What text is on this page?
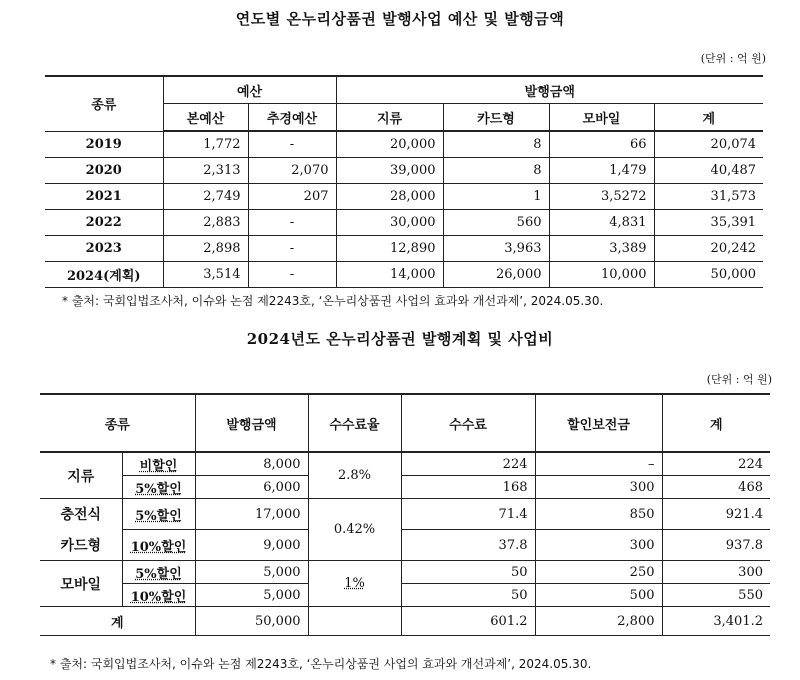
연도별 온누리상품권 발행사업 예산 및 발행금액
(단위 : 억 원)
종류	예산		발행금액			
	본예산	추경예산	지류	카드형	모바일	계
2019	1,772	-	20,000	8	66	20,074
2020	2,313	2,070	39,000	8	1,479	40,487
2021	2,749	207	28,000	1	3,5272	31,573
2022	2,883	-	30,000	560	4,831	35,391
2023	2,898	-	12,890	3,963	3,389	20,242
2024(계획)	3,514	-	14,000	26,000	10,000	50,000
* 출처: 국회입법조사처, 이슈와 논점 제2243호, ‘온누리상품권 사업의 효과와 개선과제’, 2024.05.30.
2024년도 온누리상품권 발행계획 및 사업비
(단위 : 억 원)
종류		발행금액	수수료율	수수료	할인보전금	계
지류	비할인	8,000	2.8%	224	–	224
	5%할인	6,000		168	300	468
충전식	5%할인	17,000	0.42%	71.4	850	921.4
카드형	10%할인	9,000		37.8	300	937.8
모바일	5%할인	5,000	1%	50	250	300
	10%할인	5,000		50	500	550
계		50,000		601.2	2,800	3,401.2
* 출처: 국회입법조사처, 이슈와 논점 제2243호, ‘온누리상품권 사업의 효과와 개선과제’, 2024.05.30.
